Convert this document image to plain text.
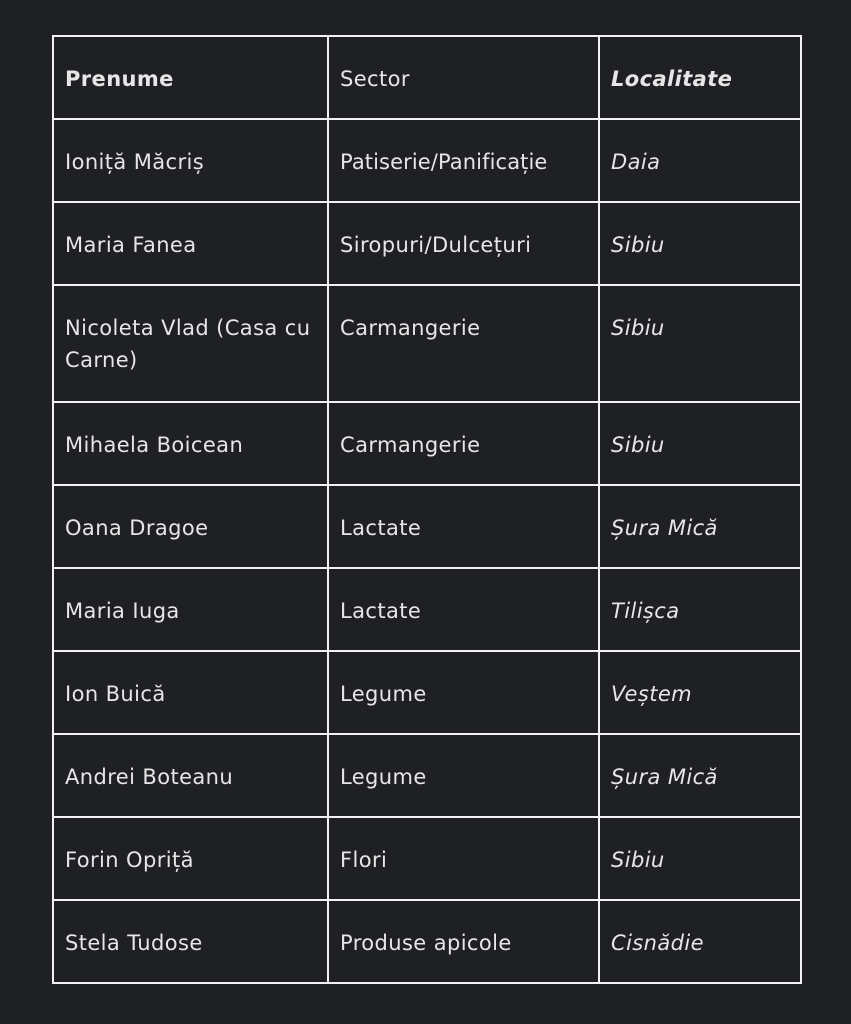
Prenume	Sector	Localitate
Ioniță Măcriș	Patiserie/Panificație	Daia
Maria Fanea	Siropuri/Dulcețuri	Sibiu
Nicoleta Vlad (Casa cu Carne)	Carmangerie	Sibiu
Mihaela Boicean	Carmangerie	Sibiu
Oana Dragoe	Lactate	Șura Mică
Maria Iuga	Lactate	Tilișca
Ion Buică	Legume	Veștem
Andrei Boteanu	Legume	Șura Mică
Forin Opriță	Flori	Sibiu
Stela Tudose	Produse apicole	Cisnădie
